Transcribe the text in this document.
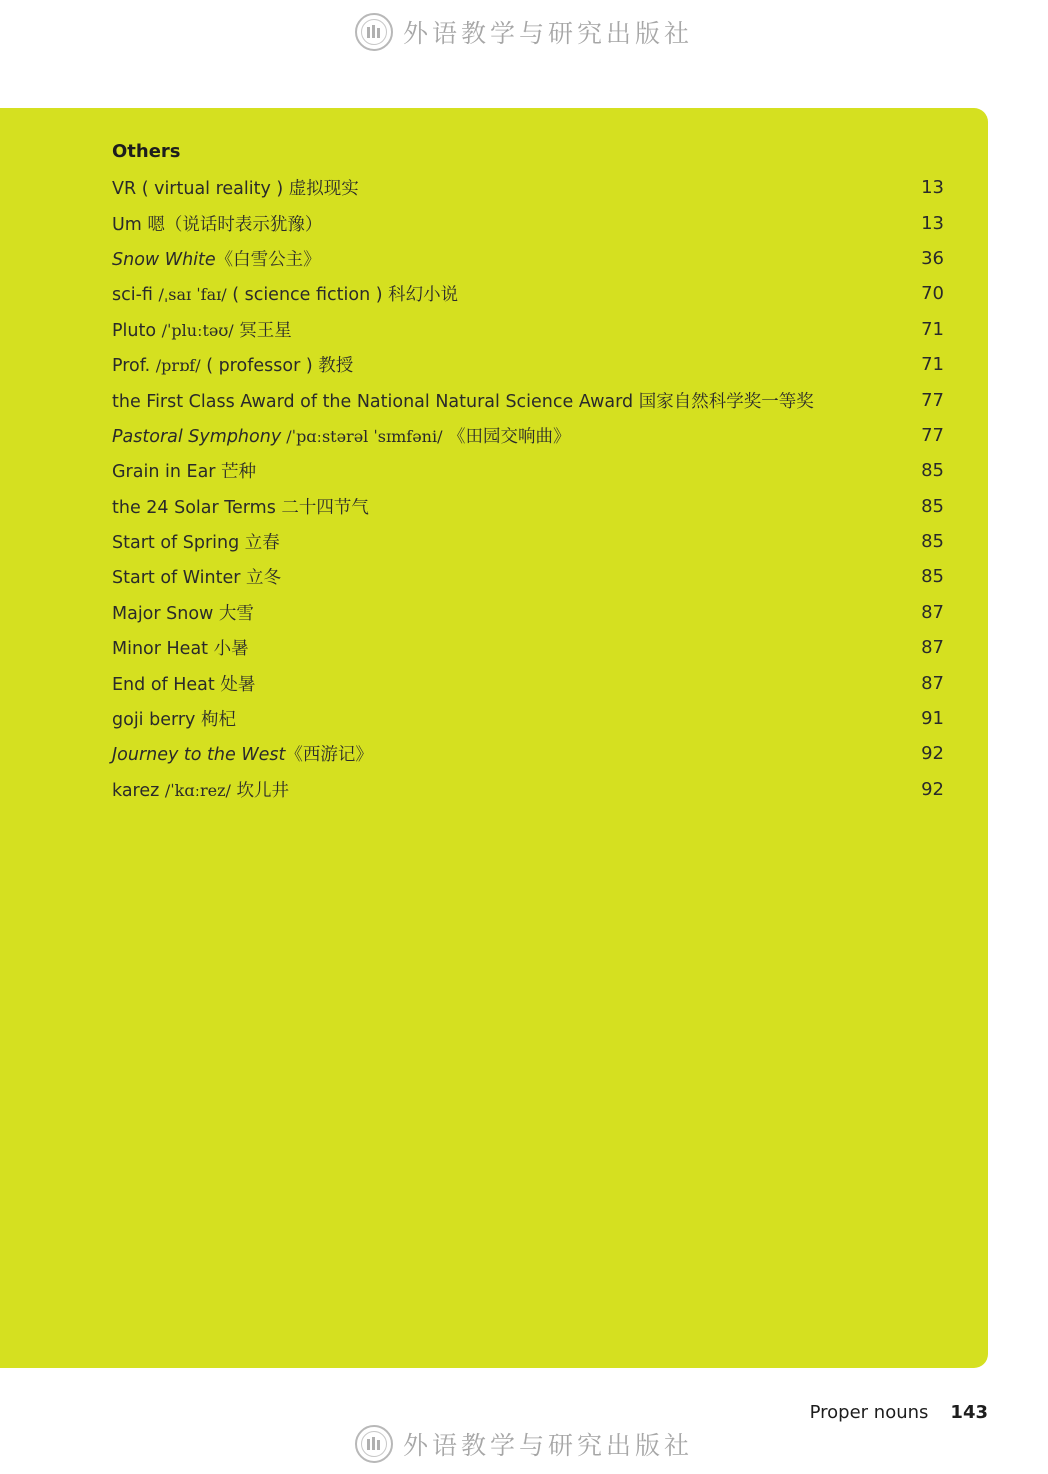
外语教学与研究出版社
Others
VR ( virtual reality ) 虚拟现实	13
Um 嗯（说话时表示犹豫）	13
Snow White《白雪公主》	36
sci-fi /ˌsaɪ ˈfaɪ/ ( science fiction ) 科幻小说	70
Pluto /ˈpluːtəʊ/ 冥王星	71
Prof. /prɒf/ ( professor ) 教授	71
the First Class Award of the National Natural Science Award 国家自然科学奖一等奖	77
Pastoral Symphony /ˈpɑːstərəl ˈsɪmfəni/ 《田园交响曲》	77
Grain in Ear 芒种	85
the 24 Solar Terms 二十四节气	85
Start of Spring 立春	85
Start of Winter 立冬	85
Major Snow 大雪	87
Minor Heat 小暑	87
End of Heat 处暑	87
goji berry 枸杞	91
Journey to the West《西游记》	92
karez /ˈkɑːrez/ 坎儿井	92
Proper nouns 143
外语教学与研究出版社
